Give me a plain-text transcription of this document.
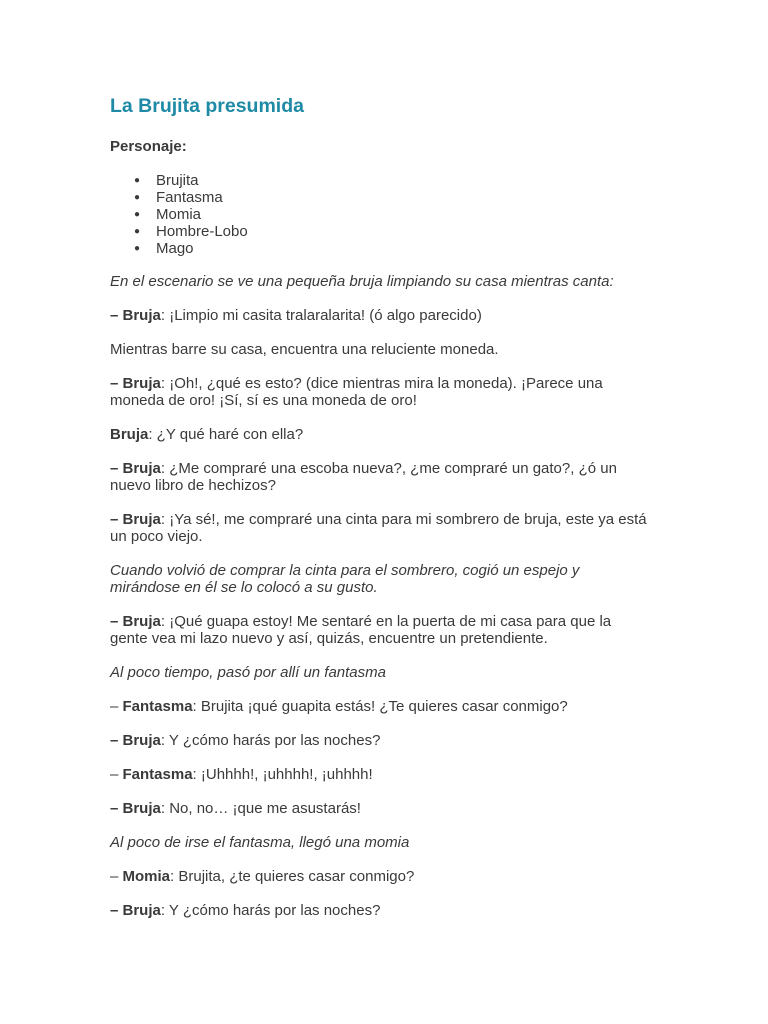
La Brujita presumida

Personaje:

● Brujita
● Fantasma
● Momia
● Hombre-Lobo
● Mago

En el escenario se ve una pequeña bruja limpiando su casa mientras canta:

– Bruja: ¡Limpio mi casita tralaralarita! (ó algo parecido)

Mientras barre su casa, encuentra una reluciente moneda.

– Bruja: ¡Oh!, ¿qué es esto? (dice mientras mira la moneda). ¡Parece una moneda de oro! ¡Sí, sí es una moneda de oro!

Bruja: ¿Y qué haré con ella?

– Bruja: ¿Me compraré una escoba nueva?, ¿me compraré un gato?, ¿ó un nuevo libro de hechizos?

– Bruja: ¡Ya sé!, me compraré una cinta para mi sombrero de bruja, este ya está un poco viejo.

Cuando volvió de comprar la cinta para el sombrero, cogió un espejo y mirándose en él se lo colocó a su gusto.

– Bruja: ¡Qué guapa estoy! Me sentaré en la puerta de mi casa para que la gente vea mi lazo nuevo y así, quizás, encuentre un pretendiente.

Al poco tiempo, pasó por allí un fantasma

– Fantasma: Brujita ¡qué guapita estás! ¿Te quieres casar conmigo?

– Bruja: Y ¿cómo harás por las noches?

– Fantasma: ¡Uhhhh!, ¡uhhhh!, ¡uhhhh!

– Bruja: No, no… ¡que me asustarás!

Al poco de irse el fantasma, llegó una momia

– Momia: Brujita, ¿te quieres casar conmigo?

– Bruja: Y ¿cómo harás por las noches?
